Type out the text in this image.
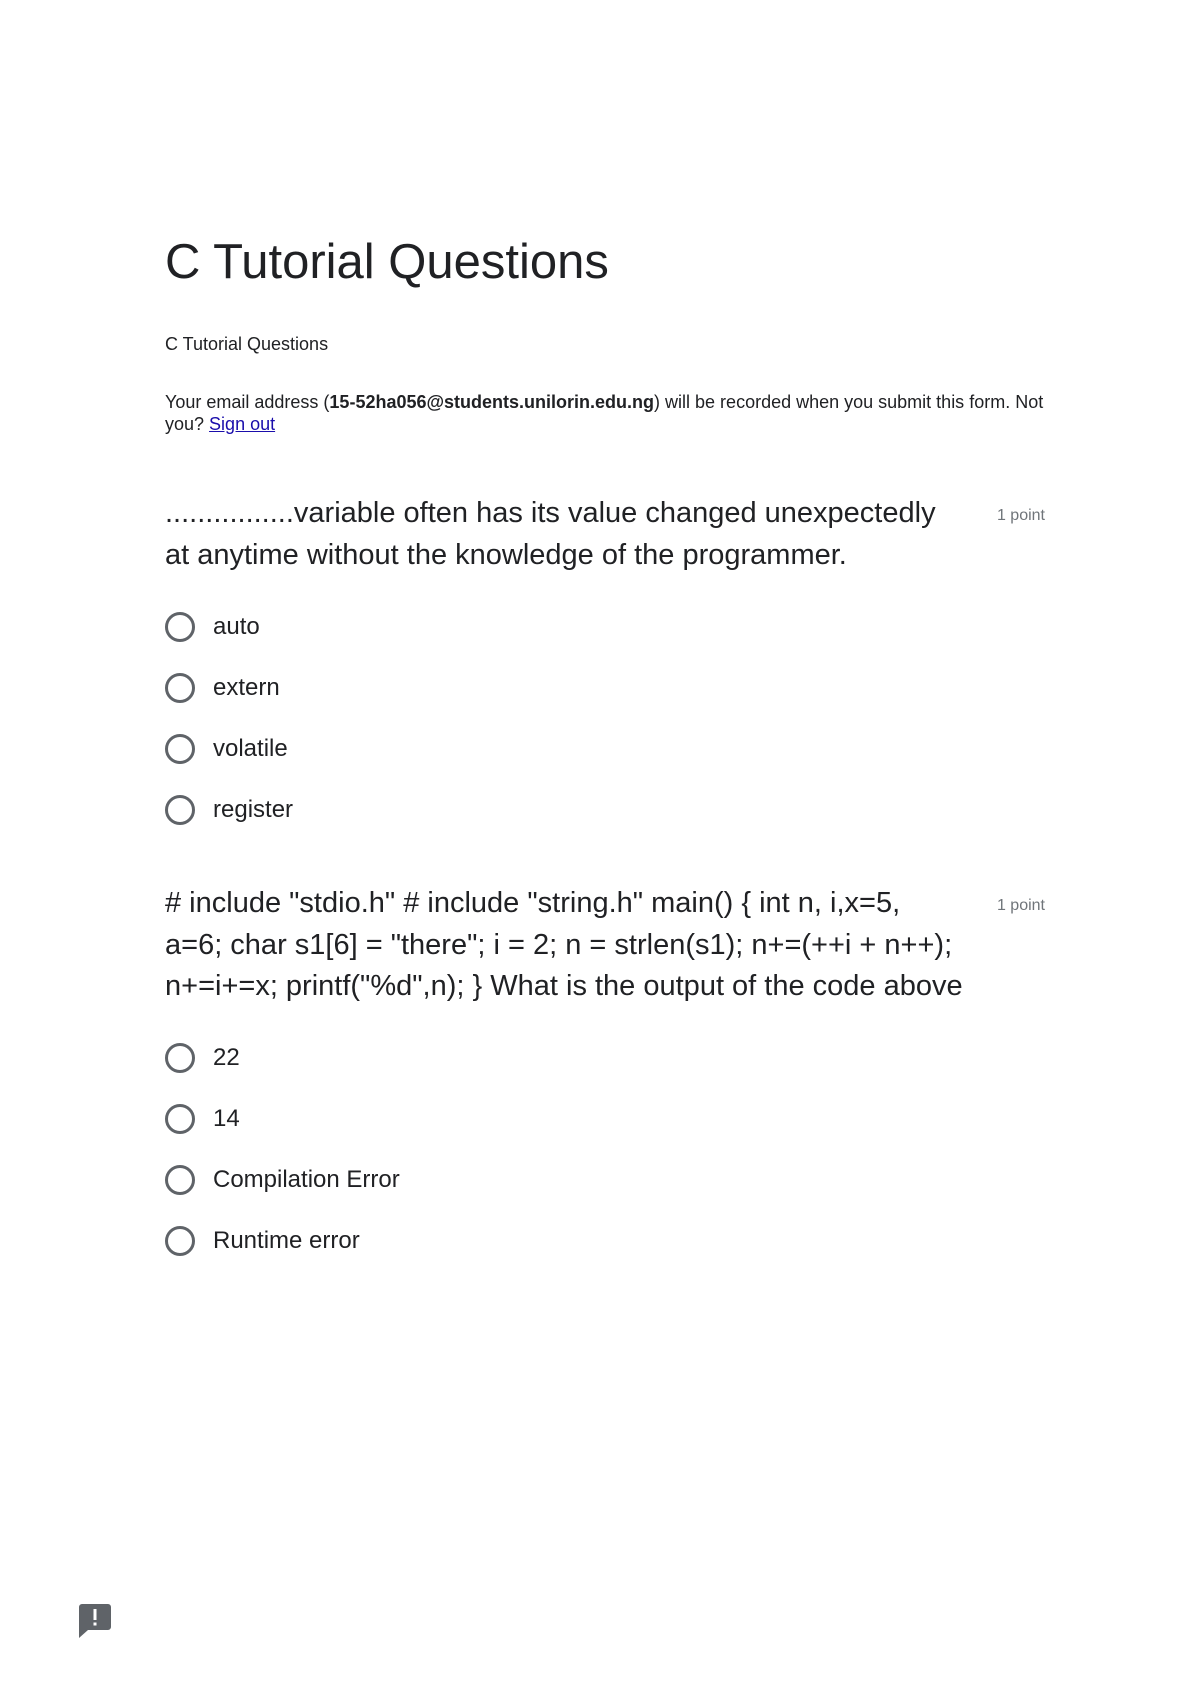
C Tutorial Questions

C Tutorial Questions

Your email address (15-52ha056@students.unilorin.edu.ng) will be recorded when you submit this form. Not you? Sign out

................variable often has its value changed unexpectedly at anytime without the knowledge of the programmer.

1 point
auto
extern
volatile
register

# include "stdio.h" # include "string.h" main() { int n, i,x=5, a=6; char s1[6] = "there"; i = 2; n = strlen(s1); n+=(++i + n++); n+=i+=x; printf("%d",n); } What is the output of the code above

1 point
22
14
Compilation Error
Runtime error
